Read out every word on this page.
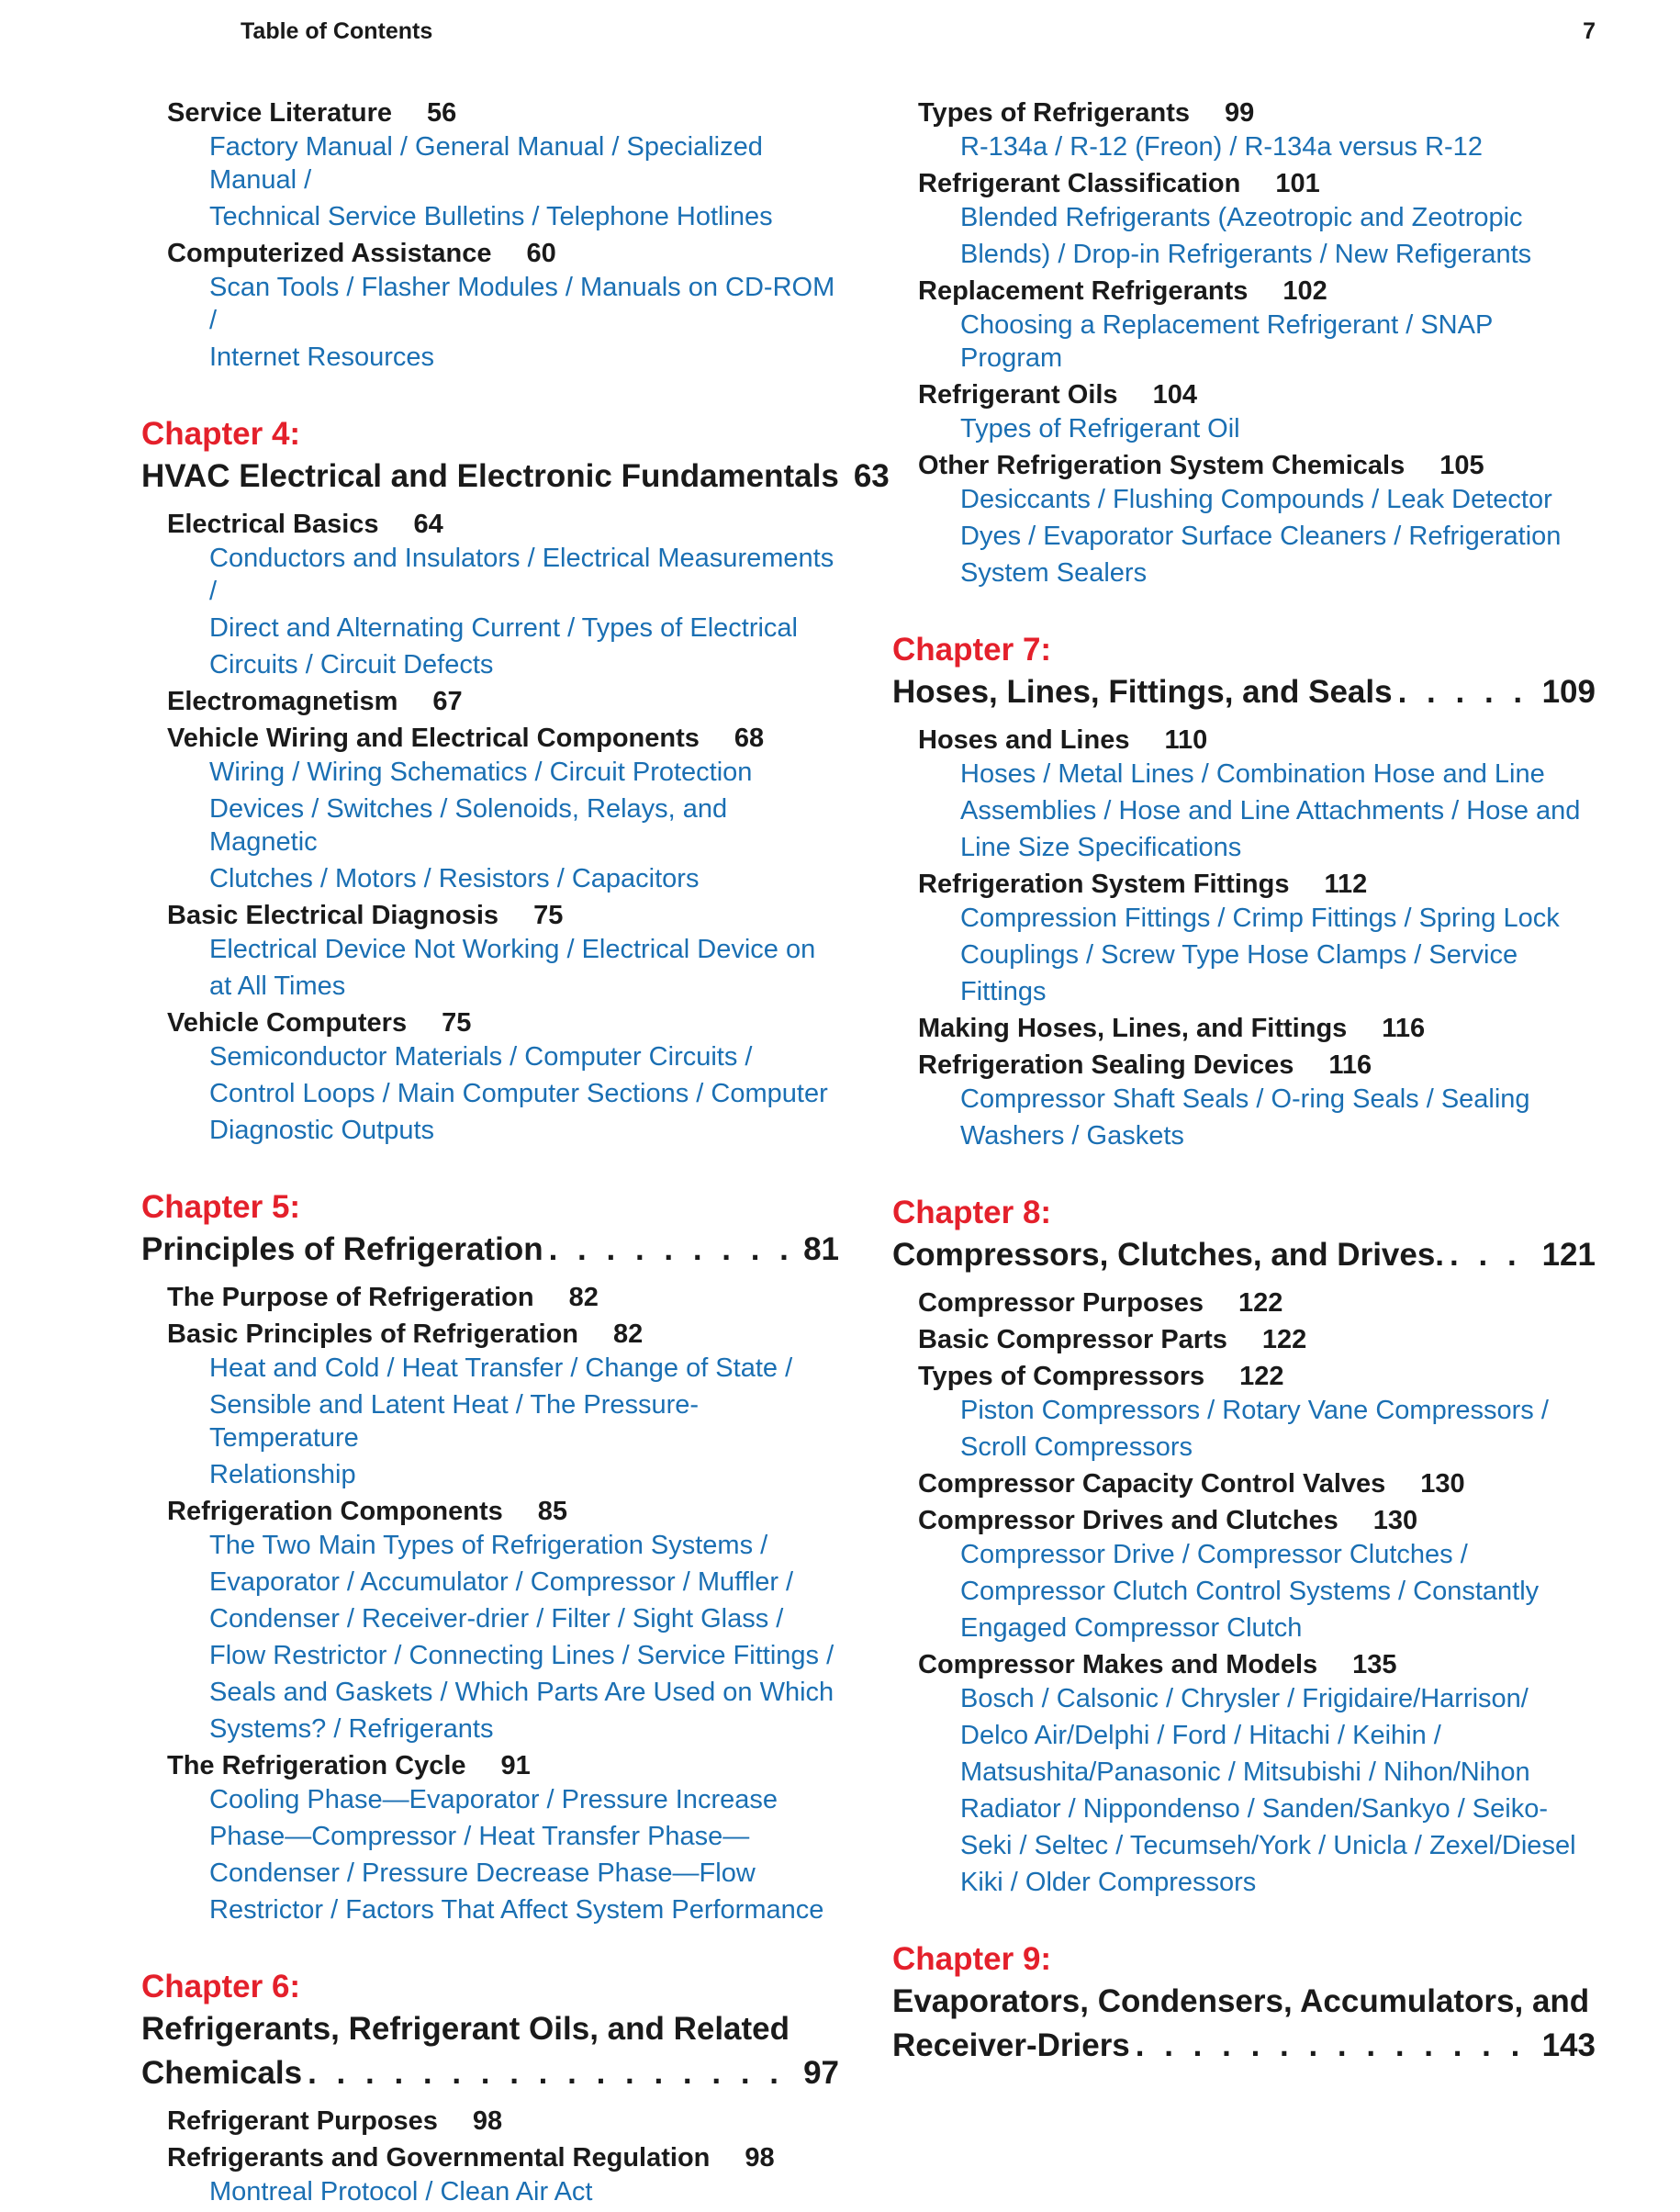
Table of Contents	7
Service Literature 56
Factory Manual / General Manual / Specialized Manual /
Technical Service Bulletins / Telephone Hotlines
Computerized Assistance 60
Scan Tools / Flasher Modules / Manuals on CD-ROM /
Internet Resources
Chapter 4:
HVAC Electrical and Electronic Fundamentals 63
Electrical Basics 64
Conductors and Insulators / Electrical Measurements /
Direct and Alternating Current / Types of Electrical
Circuits / Circuit Defects
Electromagnetism 67
Vehicle Wiring and Electrical Components 68
Wiring / Wiring Schematics / Circuit Protection
Devices / Switches / Solenoids, Relays, and Magnetic
Clutches / Motors / Resistors / Capacitors
Basic Electrical Diagnosis 75
Electrical Device Not Working / Electrical Device on
at All Times
Vehicle Computers 75
Semiconductor Materials / Computer Circuits /
Control Loops / Main Computer Sections / Computer
Diagnostic Outputs
Chapter 5:
Principles of Refrigeration . . .	81
The Purpose of Refrigeration 82
Basic Principles of Refrigeration 82
Heat and Cold / Heat Transfer / Change of State /
Sensible and Latent Heat / The Pressure-Temperature
Relationship
Refrigeration Components 85
The Two Main Types of Refrigeration Systems /
Evaporator / Accumulator / Compressor / Muffler /
Condenser / Receiver-drier / Filter / Sight Glass /
Flow Restrictor / Connecting Lines / Service Fittings /
Seals and Gaskets / Which Parts Are Used on Which
Systems? / Refrigerants
The Refrigeration Cycle 91
Cooling Phase—Evaporator / Pressure Increase
Phase—Compressor / Heat Transfer Phase—
Condenser / Pressure Decrease Phase—Flow
Restrictor / Factors That Affect System Performance
Chapter 6:
Refrigerants, Refrigerant Oils, and Related
Chemicals . . .	97
Refrigerant Purposes 98
Refrigerants and Governmental Regulation 98
Montreal Protocol / Clean Air Act
Types of Refrigerants 99
R-134a / R-12 (Freon) / R-134a versus R-12
Refrigerant Classification 101
Blended Refrigerants (Azeotropic and Zeotropic
Blends) / Drop-in Refrigerants / New Refigerants
Replacement Refrigerants 102
Choosing a Replacement Refrigerant / SNAP Program
Refrigerant Oils 104
Types of Refrigerant Oil
Other Refrigeration System Chemicals 105
Desiccants / Flushing Compounds / Leak Detector
Dyes / Evaporator Surface Cleaners / Refrigeration
System Sealers
Chapter 7:
Hoses, Lines, Fittings, and Seals . . .	109
Hoses and Lines 110
Hoses / Metal Lines / Combination Hose and Line
Assemblies / Hose and Line Attachments / Hose and
Line Size Specifications
Refrigeration System Fittings 112
Compression Fittings / Crimp Fittings / Spring Lock
Couplings / Screw Type Hose Clamps / Service
Fittings
Making Hoses, Lines, and Fittings 116
Refrigeration Sealing Devices 116
Compressor Shaft Seals / O-ring Seals / Sealing
Washers / Gaskets
Chapter 8:
Compressors, Clutches, and Drives. . . .	121
Compressor Purposes 122
Basic Compressor Parts 122
Types of Compressors 122
Piston Compressors / Rotary Vane Compressors /
Scroll Compressors
Compressor Capacity Control Valves 130
Compressor Drives and Clutches 130
Compressor Drive / Compressor Clutches /
Compressor Clutch Control Systems / Constantly
Engaged Compressor Clutch
Compressor Makes and Models 135
Bosch / Calsonic / Chrysler / Frigidaire/Harrison/
Delco Air/Delphi / Ford / Hitachi / Keihin /
Matsushita/Panasonic / Mitsubishi / Nihon/Nihon
Radiator / Nippondenso / Sanden/Sankyo / Seiko-
Seki / Seltec / Tecumseh/York / Unicla / Zexel/Diesel
Kiki / Older Compressors
Chapter 9:
Evaporators, Condensers, Accumulators, and
Receiver-Driers . . .	143
